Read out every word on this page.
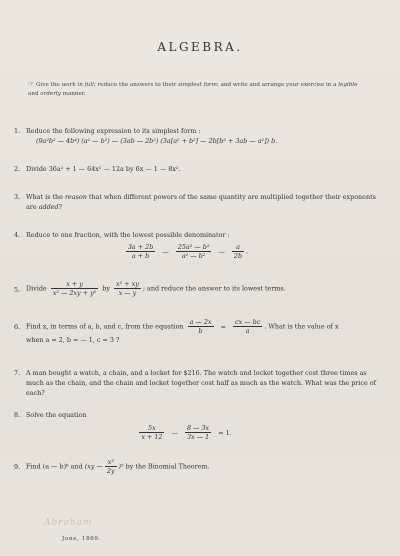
ALGEBRA.
☞ Give the work in full; reduce the answers to their simplest form; and write and arrange your exercise in a legible and orderly manner.
1. Reduce the following expression to its simplest form :
(9a²b² — 4b⁴) (a² — b²) — (3ab — 2b²) (3a[a² + b²] — 2b[b² + 3ab — a²]) b.
2. Divide 36a² + 1 — 64x² — 12a by 6x — 1 — 8x².
3. What is the reason that when different powers of the same quantity are multiplied together their exponents are added?
4. Reduce to one fraction, with the lowest possible denominator :
$\frac{3a + 2b}{a + b}$ — $\frac{\text{25a² — b²}}{\text{a² — b²}}$ — $\frac{a}{2b}$ .
5. Divide $\frac{x + y}{\text{x² — 2xy + y²}}$ by $\frac{\text{x² + xy}}{x — y}$ ; and reduce the answer to its lowest terms.
6. Find x, in terms of a, b, and c, from the equation $\frac{a — 2x}{b} = \frac{cx — bc}{a}$ . What is the value of x
when a = 2, b = — 1, c = 3 ?
7. A man bought a watch, a chain, and a locket for $216. The watch and locket together cost three times as much as the chain, and the chain and locket together cost half as much as the watch. What was the price of each?
8. Solve the equation
$\frac{5x}{x + 12}$ — $\frac{8 — 3x}{3x — 1} = 1$.
9. Find (a — b)⁶ and (xy — $\frac{\text{x³}}{2y} )^5$ by the Binomial Theorem.
Abraham
June, 1869.
